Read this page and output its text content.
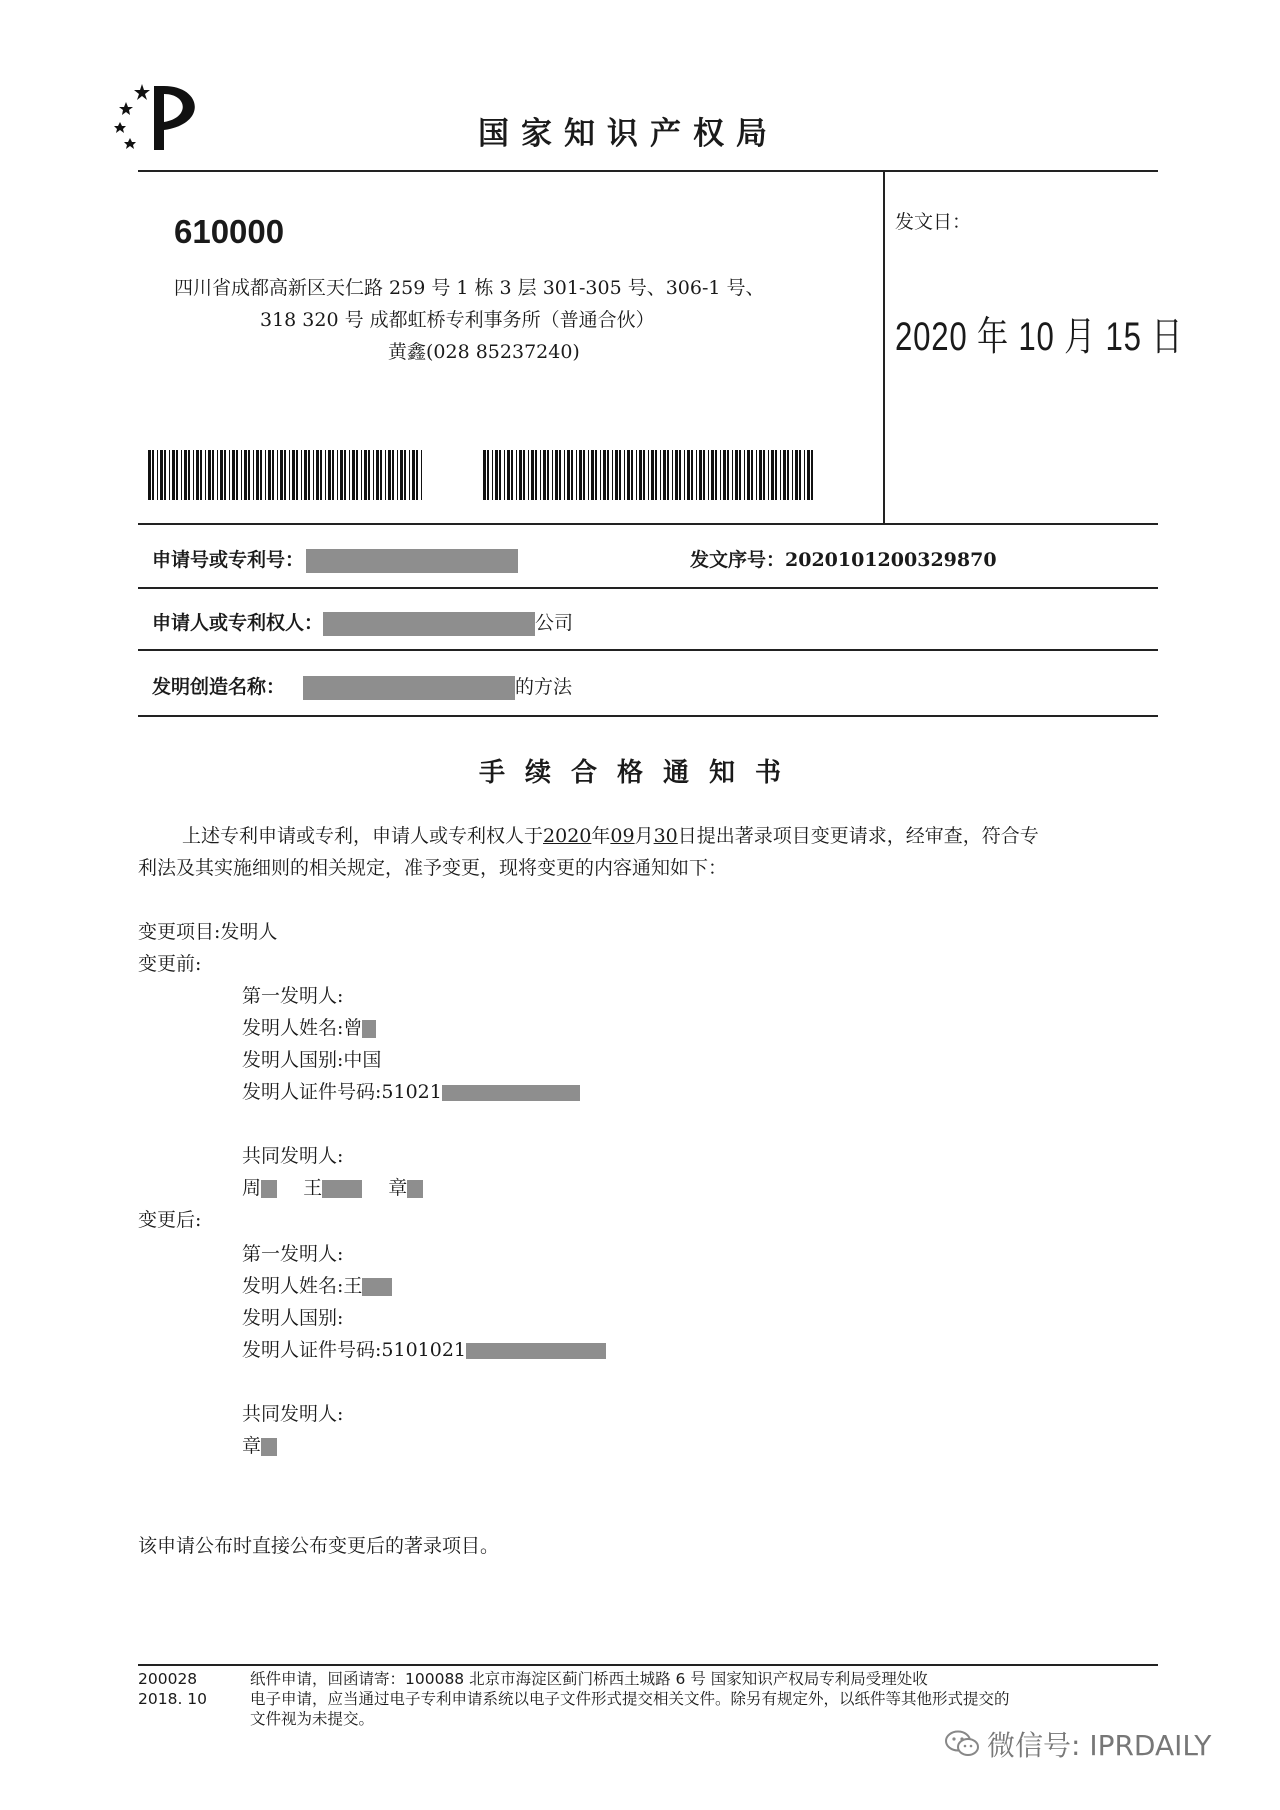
国家知识产权局
610000
四川省成都高新区天仁路 259 号 1 栋 3 层 301-305 号、306-1 号、
318 320 号 成都虹桥专利事务所（普通合伙）
黄鑫(028 85237240)
发文日：
2020 年 10 月 15 日
申请号或专利号：	发文序号：2020101200329870
申请人或专利权人：	公司
发明创造名称：	的方法
手续合格通知书
上述专利申请或专利，申请人或专利权人于2020年09月30日提出著录项目变更请求，经审查，符合专
利法及其实施细则的相关规定，准予变更，现将变更的内容通知如下：
变更项目:发明人
变更前:
第一发明人:
发明人姓名:曾
发明人国别:中国
发明人证件号码:51021
共同发明人:
周 王	章
变更后:
第一发明人:
发明人姓名:王
发明人国别:
发明人证件号码:5101021
共同发明人:
章
该申请公布时直接公布变更后的著录项目。
200028
2018. 10
纸件申请，回函请寄：100088 北京市海淀区蓟门桥西土城路 6 号 国家知识产权局专利局受理处收
电子申请，应当通过电子专利申请系统以电子文件形式提交相关文件。除另有规定外，以纸件等其他形式提交的
文件视为未提交。
微信号: IPRDAILY
